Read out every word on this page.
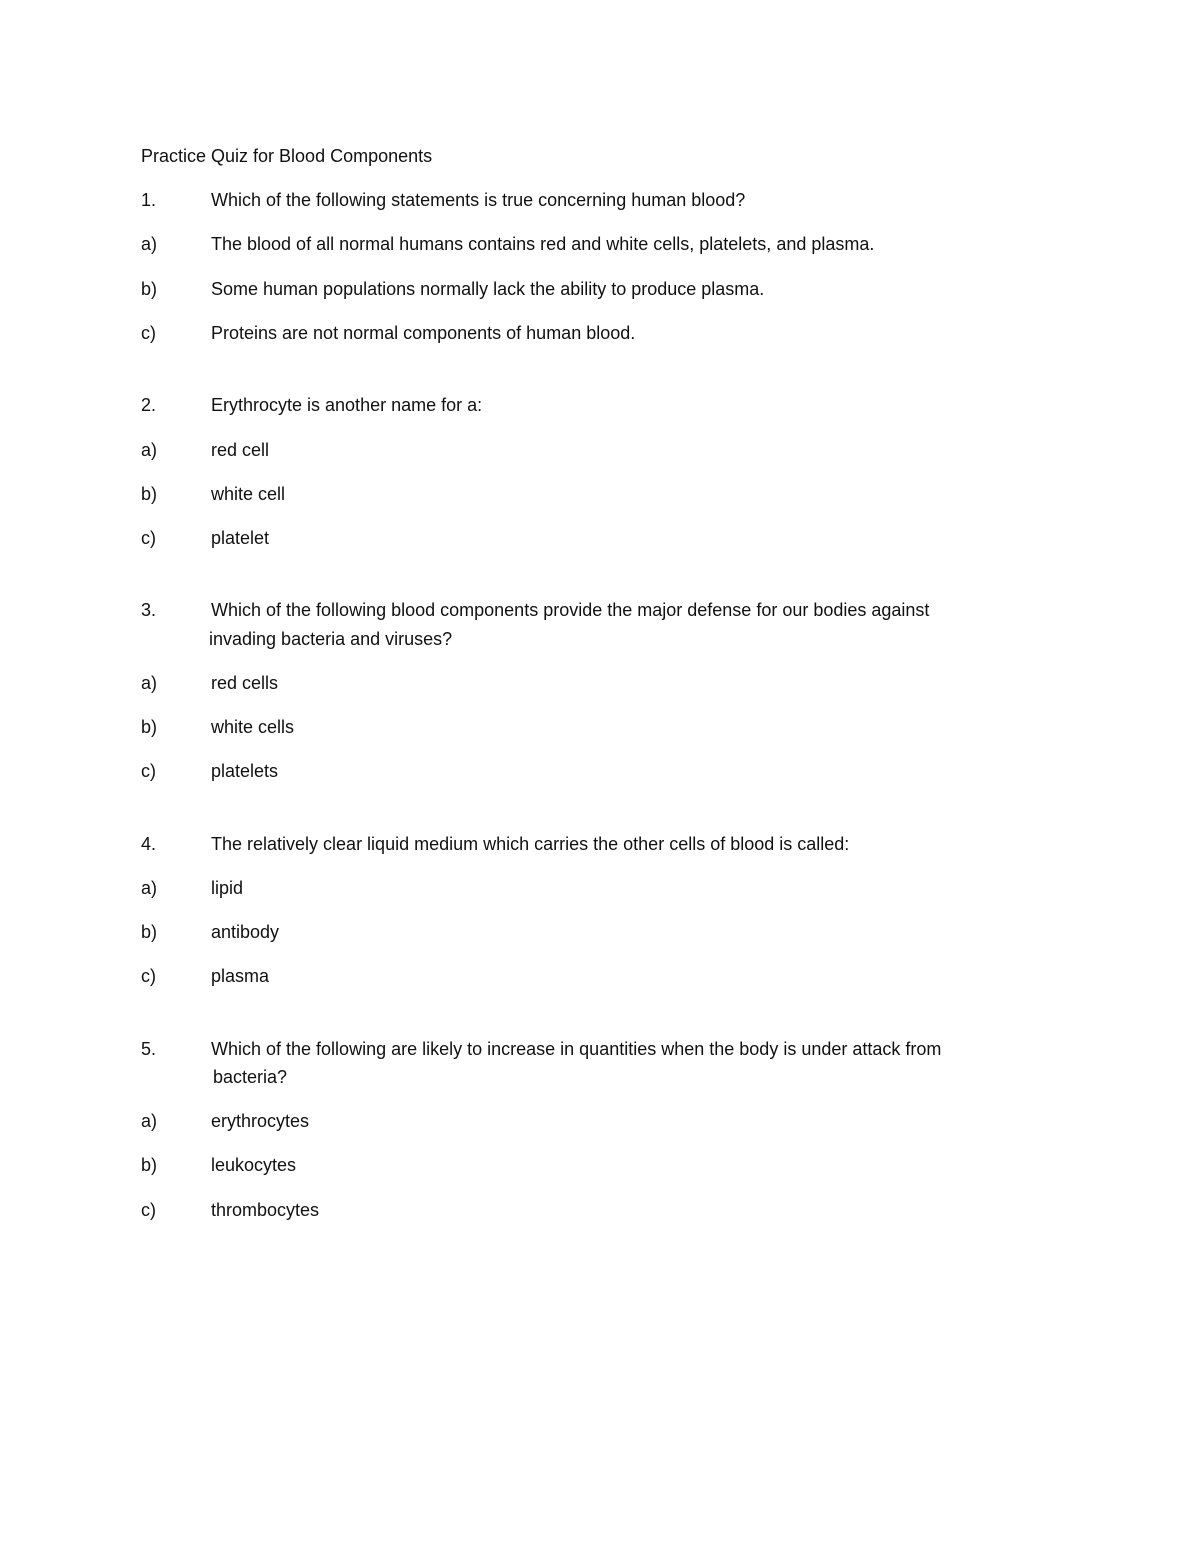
Practice Quiz for Blood Components
1.	Which of the following statements is true concerning human blood?
a)	The blood of all normal humans contains red and white cells, platelets, and plasma.
b)	Some human populations normally lack the ability to produce plasma.
c)	Proteins are not normal components of human blood.
2.	Erythrocyte is another name for a:
a)	red cell
b)	white cell
c)	platelet
3.	Which of the following blood components provide the major defense for our bodies against
invading bacteria and viruses?
a)	red cells
b)	white cells
c)	platelets
4.	The relatively clear liquid medium which carries the other cells of blood is called:
a)	lipid
b)	antibody
c)	plasma
5.	Which of the following are likely to increase in quantities when the body is under attack from
bacteria?
a)	erythrocytes
b)	leukocytes
c)	thrombocytes
